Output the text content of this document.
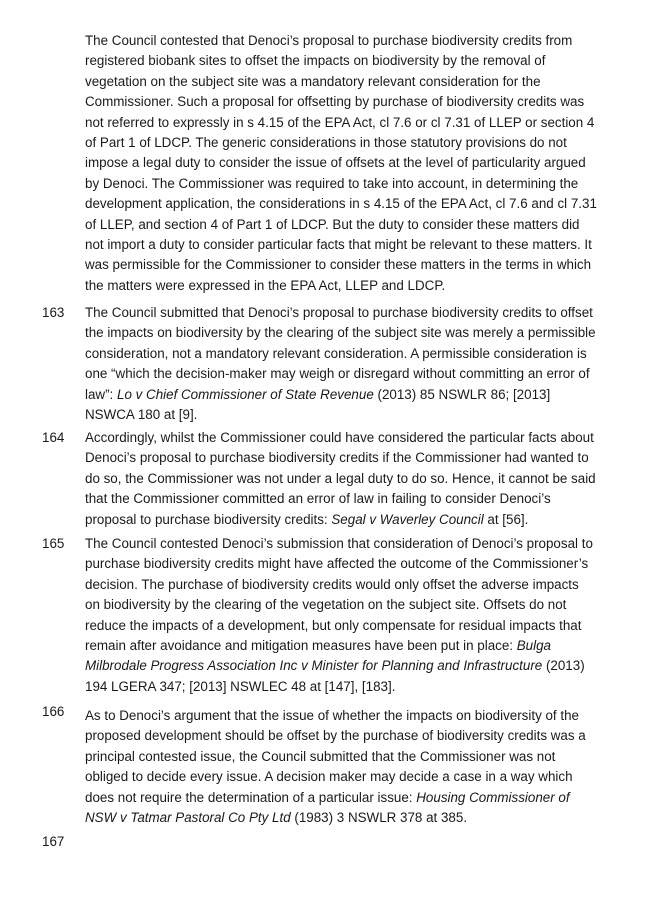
The Council contested that Denoci’s proposal to purchase biodiversity credits from registered biobank sites to offset the impacts on biodiversity by the removal of vegetation on the subject site was a mandatory relevant consideration for the Commissioner. Such a proposal for offsetting by purchase of biodiversity credits was not referred to expressly in s 4.15 of the EPA Act, cl 7.6 or cl 7.31 of LLEP or section 4 of Part 1 of LDCP. The generic considerations in those statutory provisions do not impose a legal duty to consider the issue of offsets at the level of particularity argued by Denoci. The Commissioner was required to take into account, in determining the development application, the considerations in s 4.15 of the EPA Act, cl 7.6 and cl 7.31 of LLEP, and section 4 of Part 1 of LDCP. But the duty to consider these matters did not import a duty to consider particular facts that might be relevant to these matters. It was permissible for the Commissioner to consider these matters in the terms in which the matters were expressed in the EPA Act, LLEP and LDCP.

163 The Council submitted that Denoci’s proposal to purchase biodiversity credits to offset the impacts on biodiversity by the clearing of the subject site was merely a permissible consideration, not a mandatory relevant consideration. A permissible consideration is one “which the decision-maker may weigh or disregard without committing an error of law”: Lo v Chief Commissioner of State Revenue (2013) 85 NSWLR 86; [2013] NSWCA 180 at [9].

164 Accordingly, whilst the Commissioner could have considered the particular facts about Denoci’s proposal to purchase biodiversity credits if the Commissioner had wanted to do so, the Commissioner was not under a legal duty to do so. Hence, it cannot be said that the Commissioner committed an error of law in failing to consider Denoci’s proposal to purchase biodiversity credits: Segal v Waverley Council at [56].

165 The Council contested Denoci’s submission that consideration of Denoci’s proposal to purchase biodiversity credits might have affected the outcome of the Commissioner’s decision. The purchase of biodiversity credits would only offset the adverse impacts on biodiversity by the clearing of the vegetation on the subject site. Offsets do not reduce the impacts of a development, but only compensate for residual impacts that remain after avoidance and mitigation measures have been put in place: Bulga Milbrodale Progress Association Inc v Minister for Planning and Infrastructure (2013) 194 LGERA 347; [2013] NSWLEC 48 at [147], [183].

166 As to Denoci’s argument that the issue of whether the impacts on biodiversity of the proposed development should be offset by the purchase of biodiversity credits was a principal contested issue, the Council submitted that the Commissioner was not obliged to decide every issue. A decision maker may decide a case in a way which does not require the determination of a particular issue: Housing Commissioner of NSW v Tatmar Pastoral Co Pty Ltd (1983) 3 NSWLR 378 at 385.

167
